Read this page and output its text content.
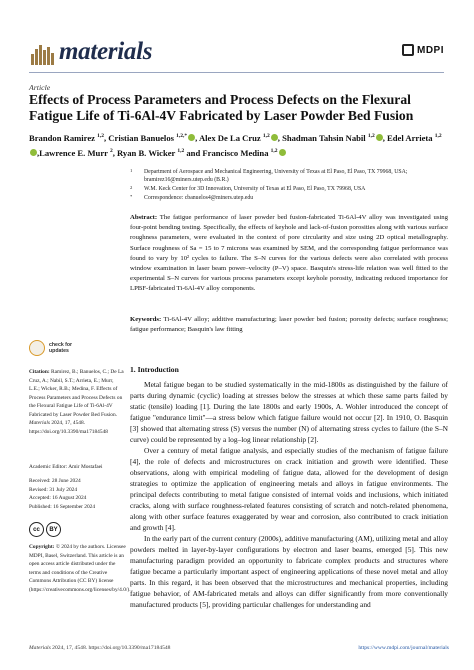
materials	MDPI
Article
Effects of Process Parameters and Process Defects on the Flexural Fatigue Life of Ti-6Al-4V Fabricated by Laser Powder Bed Fusion
Brandon Ramirez $^{1,2}$, Cristian Banuelos $^{1,2,*}$ , Alex De La Cruz $^{1,2}$ , Shadman Tahsin Nabil $^{1,2}$ , Edel Arrieta $^{1,2}$,Lawrence E. Murr $^2$, Ryan B. Wicker $^{1,2}$ and Francisco Medina $^{1,2}$
1 Department of Aerospace and Mechanical Engineering, University of Texas at El Paso, El Paso, TX 79968, USA; bramirez16@miners.utep.edu (B.R.)
2 W.M. Keck Center for 3D Innovation, University of Texas at El Paso, El Paso, TX 79968, USA
* Correspondence: cbanuelos4@miners.utep.edu
Abstract: The fatigue performance of laser powder bed fusion-fabricated Ti-6Al-4V alloy was investigated using four-point bending testing. Specifically, the effects of keyhole and lack-of-fusion porosities along with various surface roughness parameters, were evaluated in the context of pore circularity and size using 2D optical metallography. Surface roughness of Sa = 15 to 7 microns was examined by SEM, and the corresponding fatigue performance was found to vary by 10² cycles to failure. The S–N curves for the various defects were also correlated with process window examination in laser beam power–velocity (P–V) space. Basquin's stress-life relation was well fitted to the experimental S–N curves for various process parameters except keyhole porosity, indicating reduced importance for LPBF-fabricated Ti-6Al-4V alloy components.
Keywords: Ti-6Al-4V alloy; additive manufacturing; laser powder bed fusion; porosity defects; surface roughness; fatigue performance; Basquin's law fitting
check for
updates
Citation: Ramirez, B.; Banuelos, C.; De La Cruz, A.; Nabil, S.T.; Arrieta, E.; Murr, L.E.; Wicker, R.B.; Medina, F. Effects of Process Parameters and Process Defects on the Flexural Fatigue Life of Ti-6Al-4V Fabricated by Laser Powder Bed Fusion. Materials 2024, 17, 4548. https://doi.org/10.3390/ma17184548
Academic Editor: Amir Mostafaei
Received: 28 June 2024
Revised: 31 July 2024
Accepted: 16 August 2024
Published: 16 September 2024
cc	BY
Copyright: © 2024 by the authors. Licensee MDPI, Basel, Switzerland. This article is an open access article distributed under the terms and conditions of the Creative Commons Attribution (CC BY) license (https://creativecommons.org/licenses/by/4.0/).
1. Introduction

Metal fatigue began to be studied systematically in the mid-1800s as distinguished by the failure of parts during dynamic (cyclic) loading at stresses below the stresses at which these same parts failed by static (tensile) loading [1]. During the late 1800s and early 1900s, A. Wohler introduced the concept of fatigue "endurance limit"—a stress below which fatigue failure would not occur [2]. In 1910, O. Basquin [3] showed that alternating stress (S) versus the number (N) of alternating stress cycles to failure (the S–N curve) could be represented by a log–log linear relationship [2].

Over a century of metal fatigue analysis, and especially studies of the mechanism of fatigue failure [4], the role of defects and microstructures on crack initiation and growth were identified. These observations, along with empirical modeling of fatigue data, allowed for the development of design strategies to optimize the application of engineering metals and alloys in fatigue environments. The principal defects contributing to metal fatigue consisted of internal voids and inclusions, which initiated cracks, along with surface roughness-related features consisting of scratch and notch-related phenomena, along with other surface features exaggerated by wear and corrosion, also contributed to crack initiation and growth [4].

In the early part of the current century (2000s), additive manufacturing (AM), utilizing metal and alloy powders melted in layer-by-layer configurations by electron and laser beams, emerged [5]. This new manufacturing paradigm provided an opportunity to fabricate complex products and structures where fatigue became a particularly important aspect of engineering applications of these novel metal and alloy parts. In this regard, it has been observed that the microstructures and mechanical properties, including fatigue behavior, of AM-fabricated metals and alloys can differ significantly from more conventionally manufactured products [5], providing particular challenges for understanding and

Materials 2024, 17, 4548. https://doi.org/10.3390/ma17184548	https://www.mdpi.com/journal/materials
